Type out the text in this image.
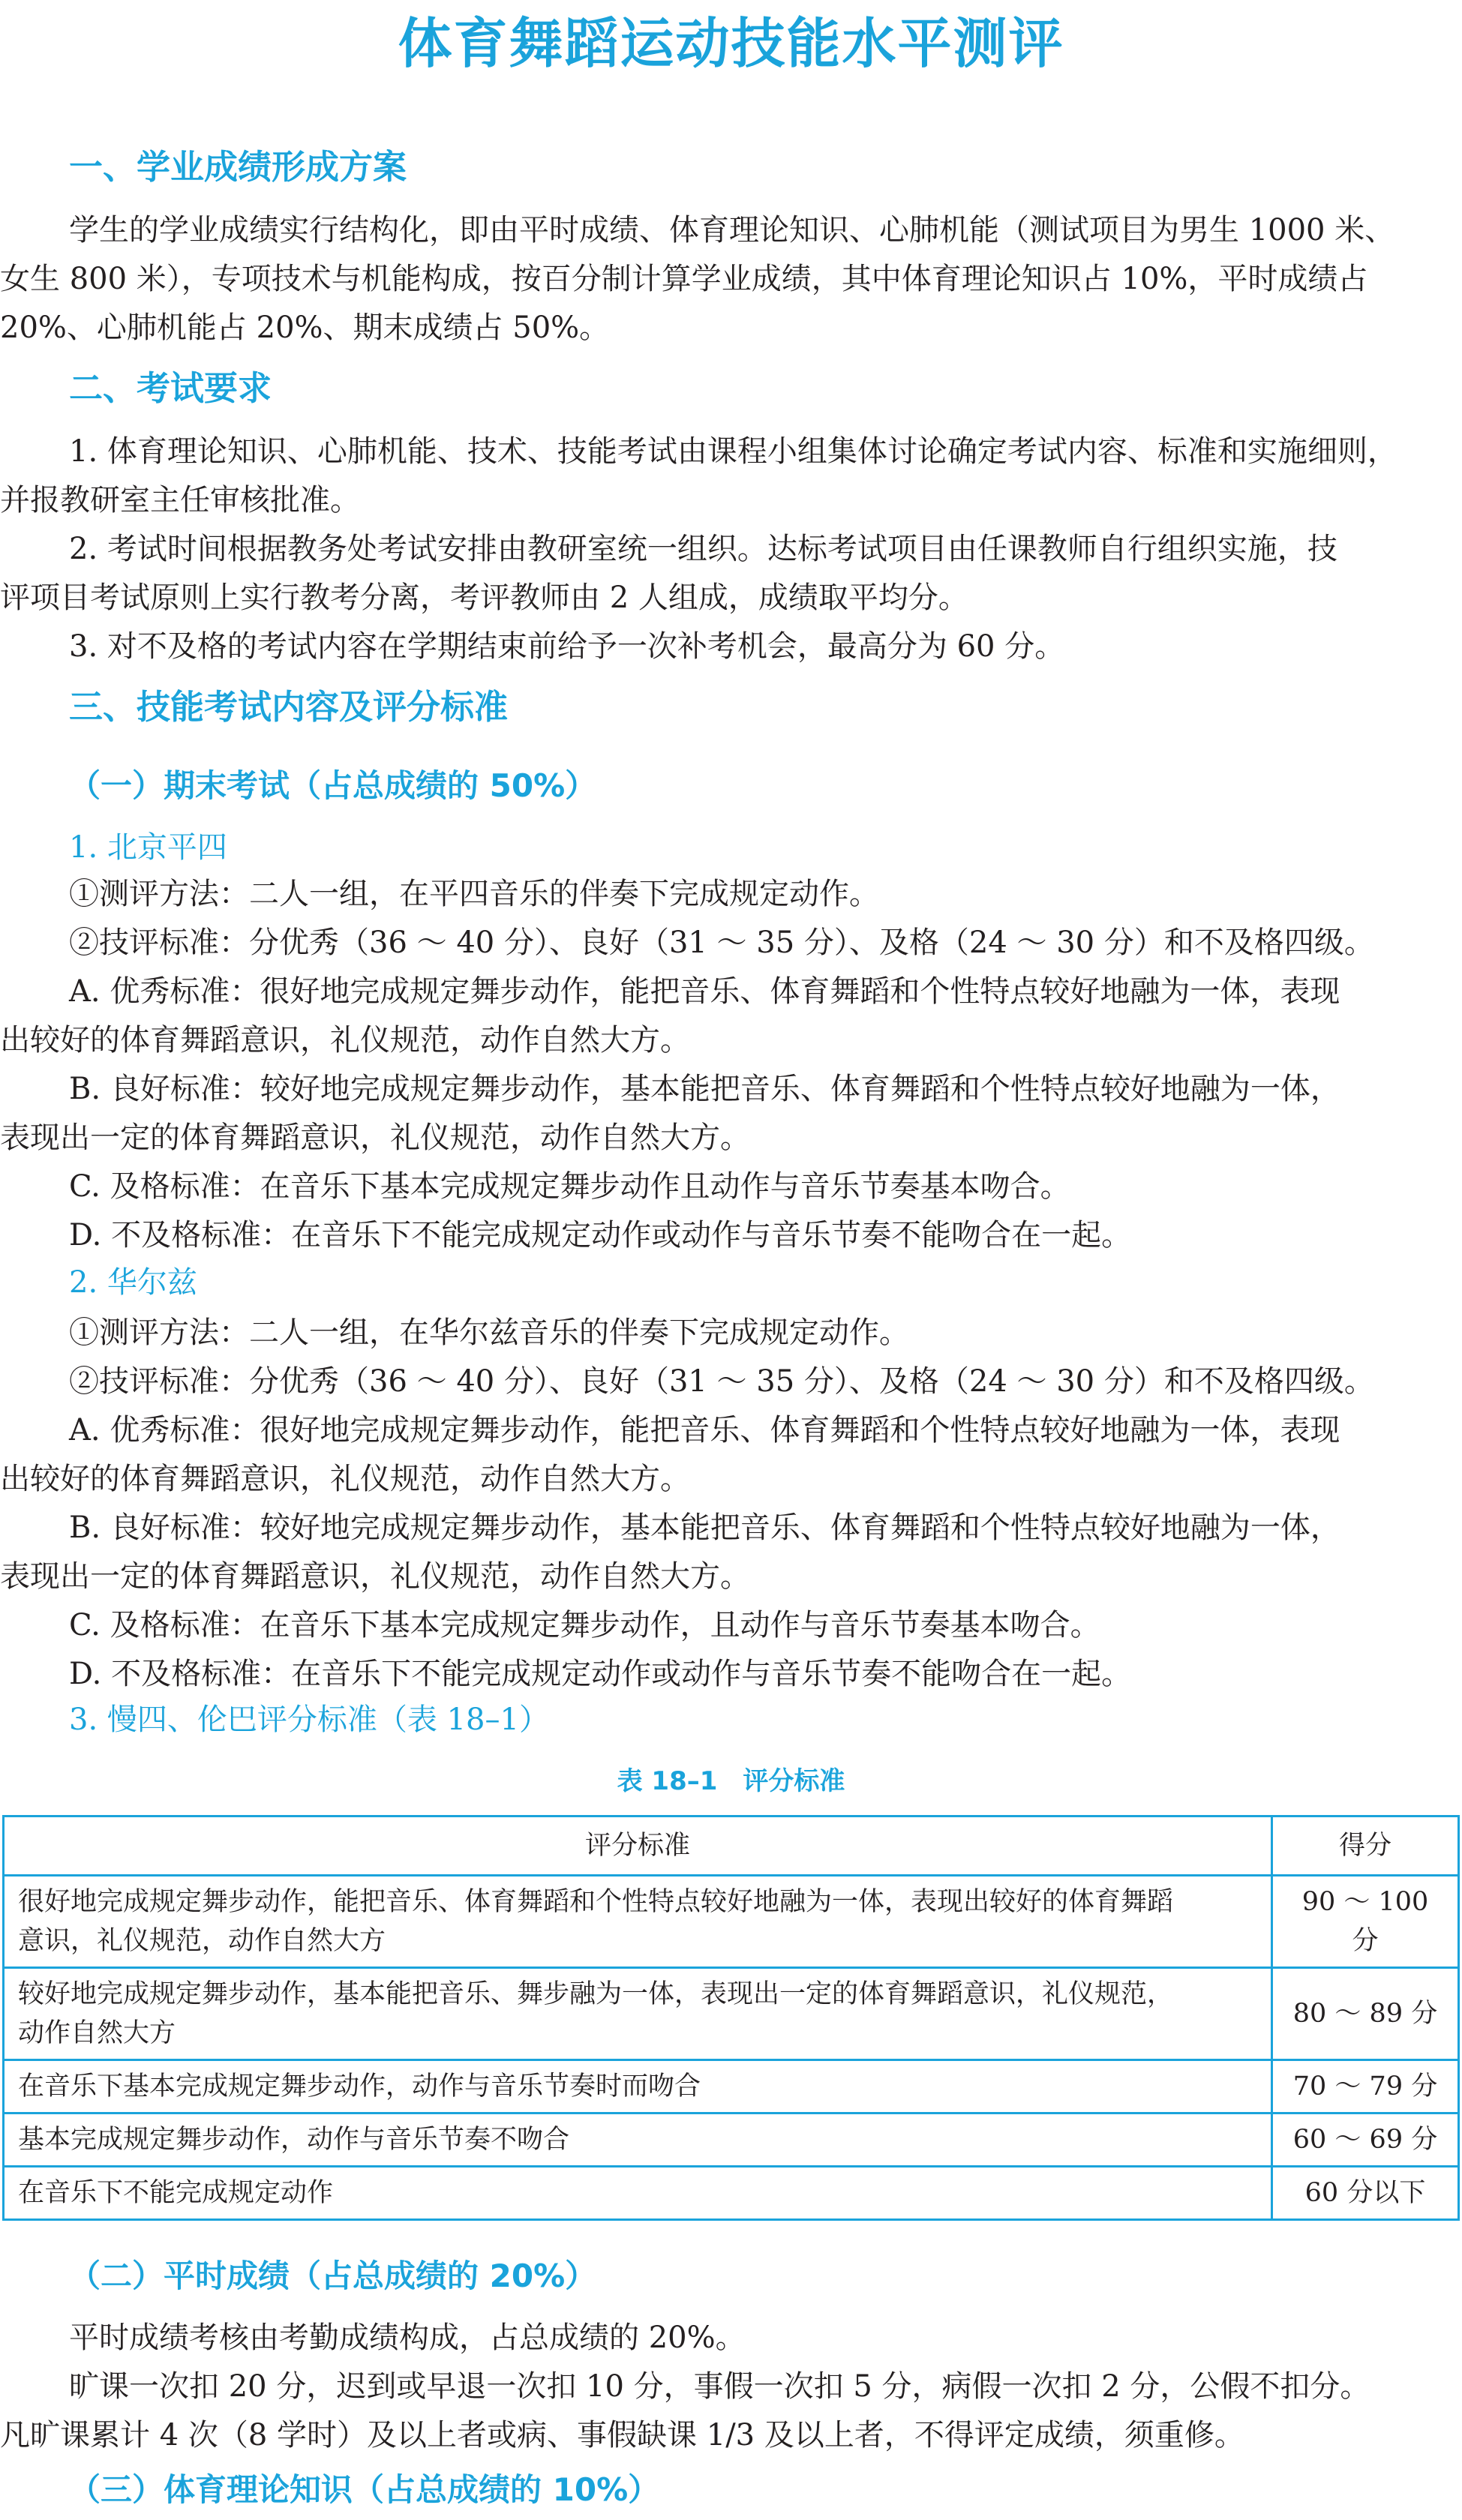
体育舞蹈运动技能水平测评
一、学业成绩形成方案
学生的学业成绩实行结构化，即由平时成绩、体育理论知识、心肺机能（测试项目为男生 1000 米、
女生 800 米），专项技术与机能构成，按百分制计算学业成绩，其中体育理论知识占 10%，平时成绩占
20%、心肺机能占 20%、期末成绩占 50%。
二、考试要求
1. 体育理论知识、心肺机能、技术、技能考试由课程小组集体讨论确定考试内容、标准和实施细则，
并报教研室主任审核批准。
2. 考试时间根据教务处考试安排由教研室统一组织。达标考试项目由任课教师自行组织实施，技
评项目考试原则上实行教考分离，考评教师由 2 人组成，成绩取平均分。
3. 对不及格的考试内容在学期结束前给予一次补考机会，最高分为 60 分。
三、技能考试内容及评分标准
（一）期末考试（占总成绩的 50%）
1. 北京平四
①测评方法：二人一组，在平四音乐的伴奏下完成规定动作。
②技评标准：分优秀（36 ～ 40 分）、良好（31 ～ 35 分）、及格（24 ～ 30 分）和不及格四级。
A. 优秀标准：很好地完成规定舞步动作，能把音乐、体育舞蹈和个性特点较好地融为一体，表现
出较好的体育舞蹈意识，礼仪规范，动作自然大方。
B. 良好标准：较好地完成规定舞步动作，基本能把音乐、体育舞蹈和个性特点较好地融为一体，
表现出一定的体育舞蹈意识，礼仪规范，动作自然大方。
C. 及格标准：在音乐下基本完成规定舞步动作且动作与音乐节奏基本吻合。
D. 不及格标准：在音乐下不能完成规定动作或动作与音乐节奏不能吻合在一起。
2. 华尔兹
①测评方法：二人一组，在华尔兹音乐的伴奏下完成规定动作。
②技评标准：分优秀（36 ～ 40 分）、良好（31 ～ 35 分）、及格（24 ～ 30 分）和不及格四级。
A. 优秀标准：很好地完成规定舞步动作，能把音乐、体育舞蹈和个性特点较好地融为一体，表现
出较好的体育舞蹈意识，礼仪规范，动作自然大方。
B. 良好标准：较好地完成规定舞步动作，基本能把音乐、体育舞蹈和个性特点较好地融为一体，
表现出一定的体育舞蹈意识，礼仪规范，动作自然大方。
C. 及格标准：在音乐下基本完成规定舞步动作，且动作与音乐节奏基本吻合。
D. 不及格标准：在音乐下不能完成规定动作或动作与音乐节奏不能吻合在一起。
3. 慢四、伦巴评分标准（表 18–1）
表 18–1　评分标准
评分标准	得分

很好地完成规定舞步动作，能把音乐、体育舞蹈和个性特点较好地融为一体，表现出较好的体育舞蹈
意识，礼仪规范，动作自然大方	90 ～ 100 分

较好地完成规定舞步动作，基本能把音乐、舞步融为一体，表现出一定的体育舞蹈意识，礼仪规范，
动作自然大方	80 ～ 89 分
在音乐下基本完成规定舞步动作，动作与音乐节奏时而吻合	70 ～ 79 分
基本完成规定舞步动作，动作与音乐节奏不吻合	60 ～ 69 分
在音乐下不能完成规定动作	60 分以下
（二）平时成绩（占总成绩的 20%）
平时成绩考核由考勤成绩构成，占总成绩的 20%。
旷课一次扣 20 分，迟到或早退一次扣 10 分，事假一次扣 5 分，病假一次扣 2 分，公假不扣分。
凡旷课累计 4 次（8 学时）及以上者或病、事假缺课 1/3 及以上者，不得评定成绩，须重修。
（三）体育理论知识（占总成绩的 10%）
